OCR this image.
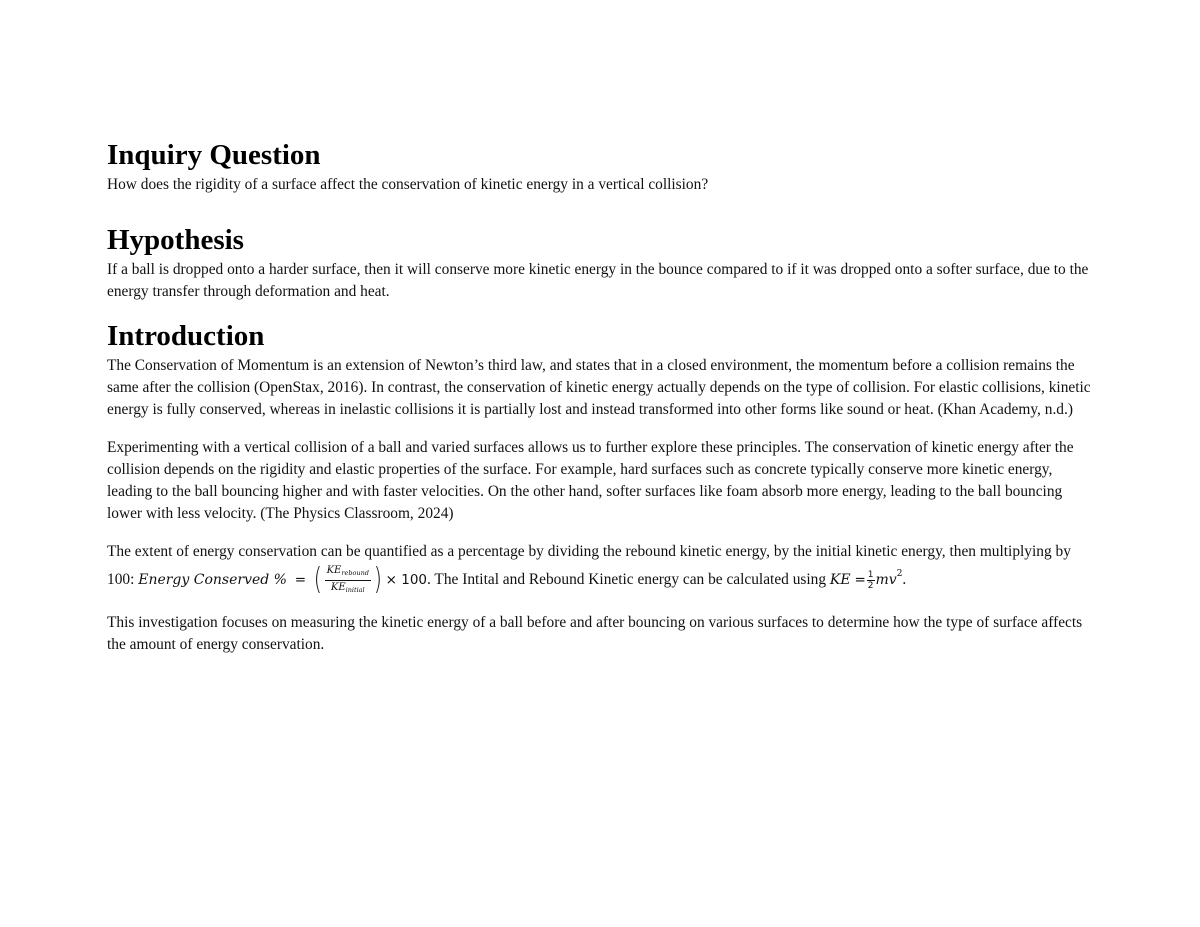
Inquiry Question

How does the rigidity of a surface affect the conservation of kinetic energy in a vertical collision?

Hypothesis

If a ball is dropped onto a harder surface, then it will conserve more kinetic energy in the bounce compared to if it was dropped onto a softer surface, due to the energy transfer through deformation and heat.

Introduction

The Conservation of Momentum is an extension of Newton’s third law, and states that in a closed environment, the momentum before a collision remains the same after the collision (OpenStax, 2016). In contrast, the conservation of kinetic energy actually depends on the type of collision. For elastic collisions, kinetic energy is fully conserved, whereas in inelastic collisions it is partially lost and instead transformed into other forms like sound or heat. (Khan Academy, n.d.)

Experimenting with a vertical collision of a ball and varied surfaces allows us to further explore these principles. The conservation of kinetic energy after the collision depends on the rigidity and elastic properties of the surface. For example, hard surfaces such as concrete typically conserve more kinetic energy, leading to the ball bouncing higher and with faster velocities. On the other hand, softer surfaces like foam absorb more energy, leading to the ball bouncing lower with less velocity. (The Physics Classroom, 2024)

The extent of energy conservation can be quantified as a percentage by dividing the rebound kinetic energy, by the initial kinetic energy, then multiplying by 100: Energy Conserved % = ( $\frac{KE_{rebound}}{KE_{initial}}$ ) × 100. The Intital and Rebound Kinetic energy can be calculated using KE = $\frac{1}{2} mv^2$.

This investigation focuses on measuring the kinetic energy of a ball before and after bouncing on various surfaces to determine how the type of surface affects the amount of energy conservation.
